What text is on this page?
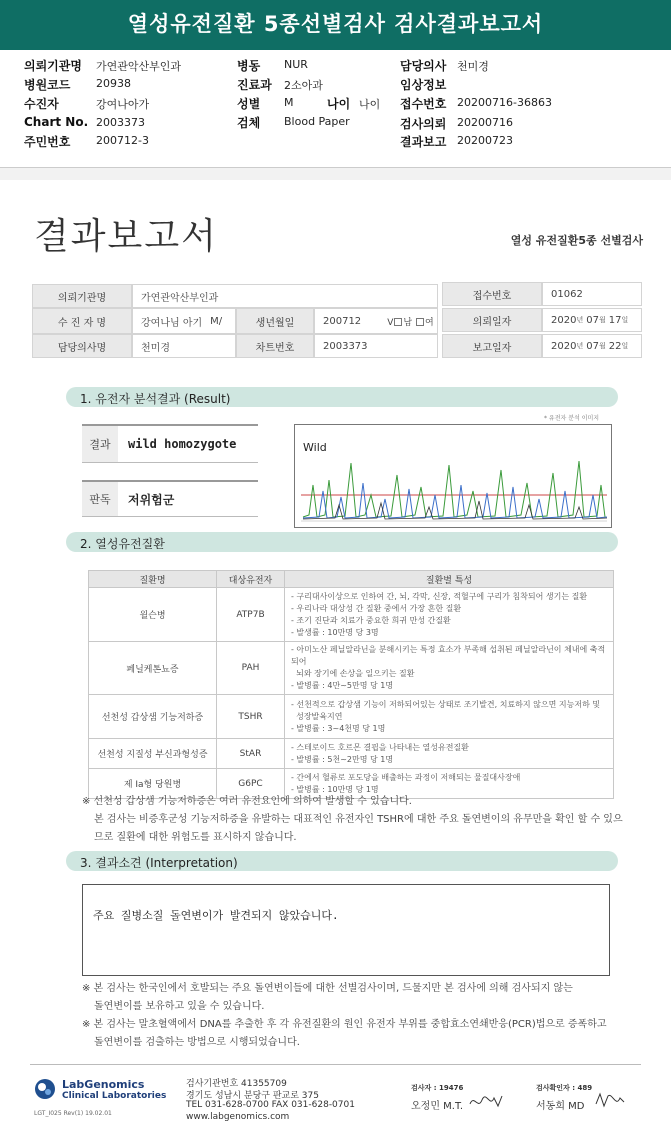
열성유전질환 5종선별검사 검사결과보고서
의뢰기관명 가연관악산부인과	병동 NUR	담당의사 천미경
병원코드 20938	진료과 2소아과	임상정보
수진자	강여나아가	성별 M	나이 나이 접수번호 20200716-36863
Chart No. 2003373	검체 Blood Paper	검사의뢰 20200716
주민번호 200712-3	결과보고 20200723
결과보고서	열성 유전질환5종 선별검사
의뢰기관명	가연관악산부인과	접수번호	01062
수 진 자 명	강여나님 아기 M/	생년월일	200712	V 남 여	의뢰일자	2020 년 07 월 17 일
담당의사명	천미경	차트번호	2003373	보고일자	2020 년 07 월 22 일
1. 유전자 분석결과 (Result)
* 유전자 분석 이미지
결과	wild homozygote
판독	저위험군
Wild
2. 열성유전질환
질환명	대상유전자	질환별 특성
윌슨병	ATP7B	- 구리대사이상으로 인하여 간, 뇌, 각막, 신장, 적혈구에 구리가 침착되어 생기는 질환
- 우리나라 대상성 간 질환 중에서 가장 흔한 질환
- 조기 진단과 치료가 중요한 희귀 만성 간질환
- 발생률 : 10만명 당 3명

페닐케톤뇨증	PAH	- 아미노산 페닐알라닌을 분해시키는 특정 효소가 부족해 섭취된 페닐알라닌이 체내에 축적되어
뇌와 장기에 손상을 일으키는 질환
- 발병률 : 4만~5만명 당 1명

선천성 갑상샘 기능저하증	TSHR	- 선천적으로 갑상샘 기능이 저하되어있는 상태로 조기발견, 치료하지 않으면 지능저하 및
성장발육지연
- 발병률 : 3~4천명 당 1명

선천성 지질성 부신과형성증	StAR	- 스테로이드 호르몬 결핍을 나타내는 열성유전질환
- 발병률 : 5천~2만명 당 1명

제 Ia형 당원병	G6PC	- 간에서 혈류로 포도당을 배출하는 과정이 저해되는 물질대사장애
- 발병률 : 10만명 당 1명
※ 선천성 갑상샘 기능저하증은 여러 유전요인에 의하여 발생할 수 있습니다.
본 검사는 비증후군성 기능저하증을 유발하는 대표적인 유전자인 TSHR에 대한 주요 돌연변이의 유무만을 확인 할 수 있으
므로 질환에 대한 위험도를 표시하지 않습니다.
3. 결과소견 (Interpretation)
주요 질병소질 돌연변이가 발견되지 않았습니다.
※ 본 검사는 한국인에서 호발되는 주요 돌연변이들에 대한 선별검사이며, 드물지만 본 검사에 의해 검사되지 않는
돌연변이를 보유하고 있을 수 있습니다.
※ 본 검사는 말초혈액에서 DNA를 추출한 후 각 유전질환의 원인 유전자 부위를 중합효소연쇄반응(PCR)법으로 증폭하고
돌연변이를 검출하는 방법으로 시행되었습니다.
LabGenomics
Clinical Laboratories
LGT_I025 Rev(1) 19.02.01
검사기관번호 41355709
경기도 성남시 분당구 판교로 375
TEL 031-628-0700 FAX 031-628-0701
www.labgenomics.com
검사자 : 19476
오정민 M.T.
검사확인자 : 489
서동희 MD
